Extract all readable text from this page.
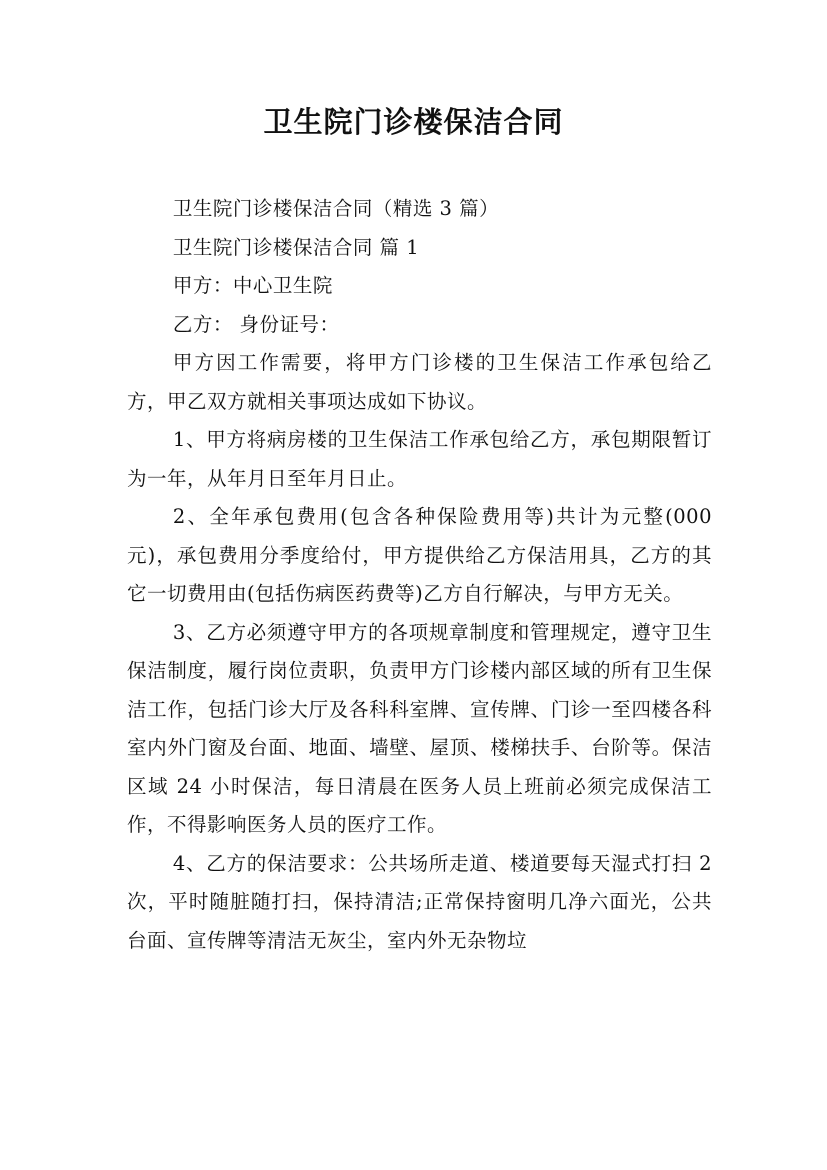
卫生院门诊楼保洁合同

卫生院门诊楼保洁合同（精选 3 篇）

卫生院门诊楼保洁合同 篇 1

甲方：中心卫生院

乙方： 身份证号：

甲方因工作需要，将甲方门诊楼的卫生保洁工作承包给乙方，甲乙双方就相关事项达成如下协议。

1、甲方将病房楼的卫生保洁工作承包给乙方，承包期限暂订为一年，从年月日至年月日止。

2、全年承包费用(包含各种保险费用等)共计为元整(000元)，承包费用分季度给付，甲方提供给乙方保洁用具，乙方的其它一切费用由(包括伤病医药费等)乙方自行解决，与甲方无关。

3、乙方必须遵守甲方的各项规章制度和管理规定，遵守卫生保洁制度，履行岗位责职，负责甲方门诊楼内部区域的所有卫生保洁工作，包括门诊大厅及各科科室牌、宣传牌、门诊一至四楼各科室内外门窗及台面、地面、墙壁、屋顶、楼梯扶手、台阶等。保洁区域 24 小时保洁，每日清晨在医务人员上班前必须完成保洁工作，不得影响医务人员的医疗工作。

4、乙方的保洁要求：公共场所走道、楼道要每天湿式打扫 2 次，平时随脏随打扫，保持清洁;正常保持窗明几净六面光，公共台面、宣传牌等清洁无灰尘，室内外无杂物垃
